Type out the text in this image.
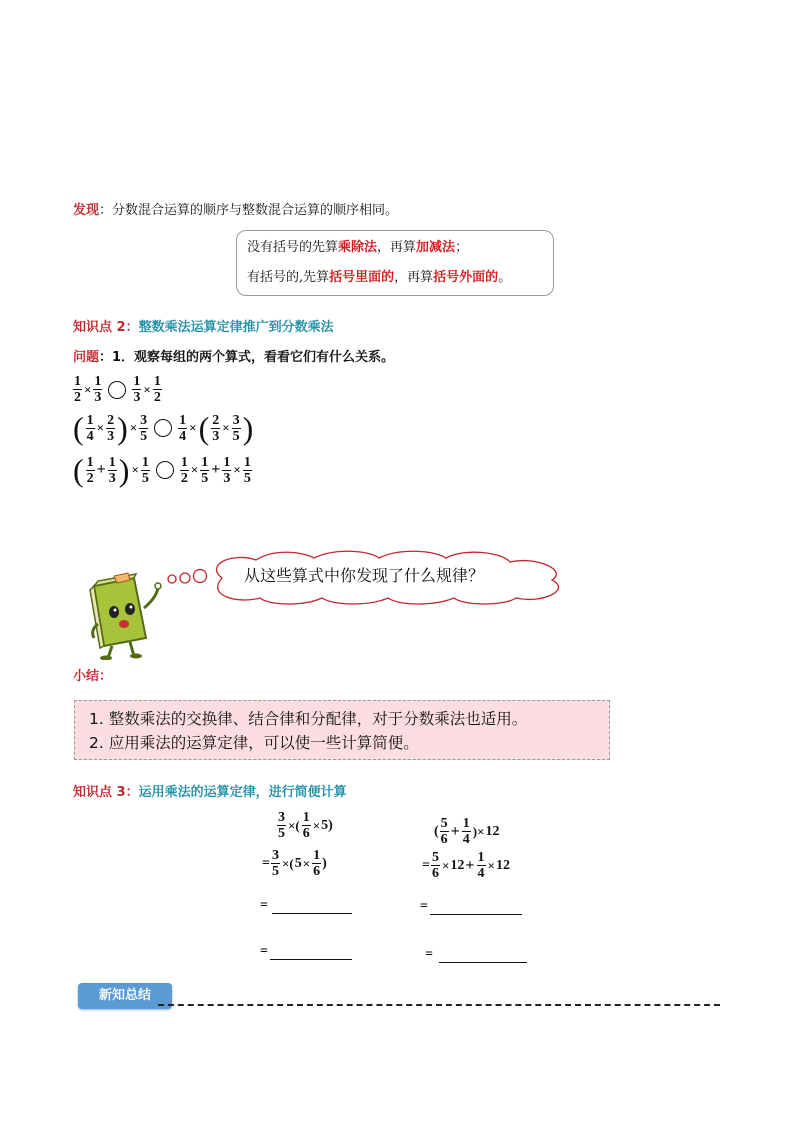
发现：分数混合运算的顺序与整数混合运算的顺序相同。
没有括号的先算乘除法，再算加减法；
有括号的,先算括号里面的，再算括号外面的。
知识点 2：整数乘法运算定律推广到分数乘法
问题：1．观察每组的两个算式，看看它们有什么关系。
$\frac{1}{2} \times \frac{1}{3} \frac{1}{3} \times \frac{1}{2}$
( $\frac{1}{4} \times \frac{2}{3}$ ) × $\frac{3}{5} \frac{1}{4}$ × ( $\frac{2}{3} \times \frac{3}{5}$ )
( $\frac{1}{2} + \frac{1}{3}$ ) × $\frac{1}{5} \frac{1}{2} \times \frac{1}{5} + \frac{1}{3} \times \frac{1}{5}$
从这些算式中你发现了什么规律？
小结：
1. 整数乘法的交换律、结合律和分配律，对于分数乘法也适用。
2. 应用乘法的运算定律，可以使一些计算简便。
知识点 3：运用乘法的运算定律，进行简便计算
$\frac{3}{5}$ ×( $\frac{1}{6} \times 5$ )
= $\frac{3}{5}$ ×( $5 \times \frac{1}{6}$ )
=
=
( $\frac{5}{6} + \frac{1}{4}$ )× 12
= $\frac{5}{6} \times 12 + \frac{1}{4} \times 12$
=
=
新知总结
